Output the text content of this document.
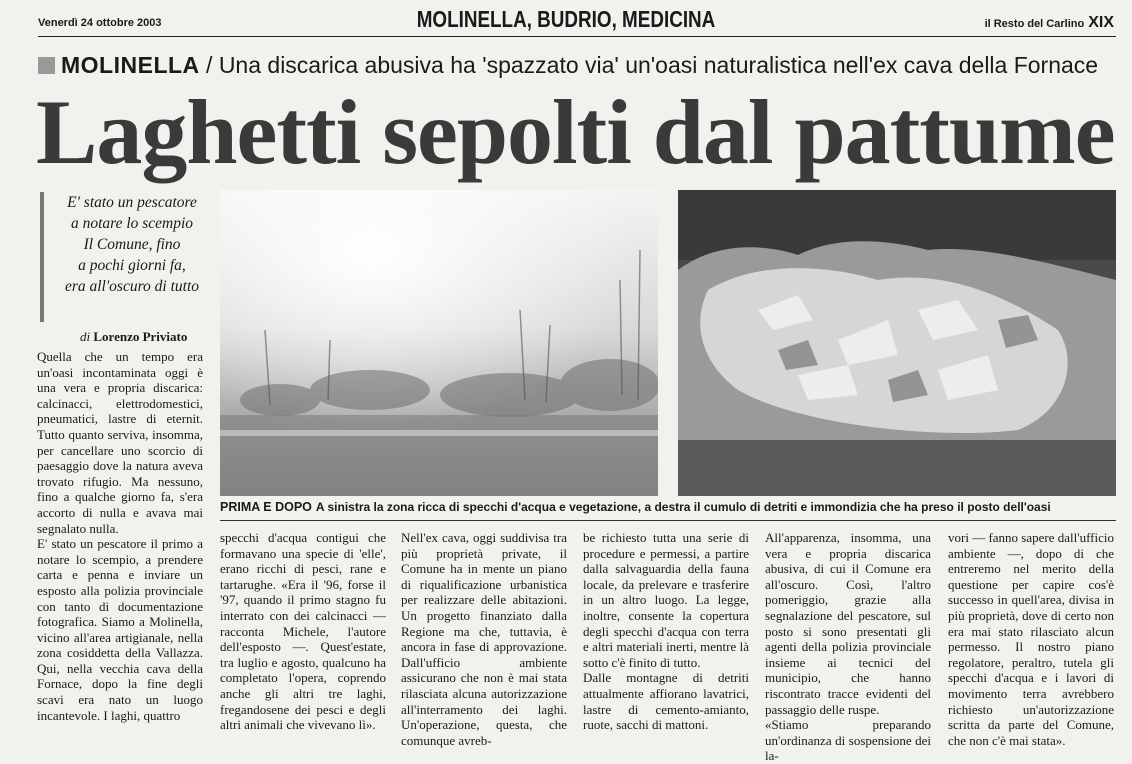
Venerdì 24 ottobre 2003	MOLINELLA, BUDRIO, MEDICINA	il Resto del Carlino XIX
MOLINELLA / Una discarica abusiva ha 'spazzato via' un'oasi naturalistica nell'ex cava della Fornace
Laghetti sepolti dal pattume
E' stato un pescatore
a notare lo scempio
Il Comune, fino
a pochi giorni fa,
era all'oscuro di tutto
di Lorenzo Priviato
PRIMA E DOPO A sinistra la zona ricca di specchi d'acqua e vegetazione, a destra il cumulo di detriti e immondizia che ha preso il posto dell'oasi

Quella che un tempo era un'oasi incontaminata oggi è una vera e propria discarica: calcinacci, elettrodomestici, pneumatici, lastre di eternit. Tutto quanto serviva, insomma, per cancellare uno scorcio di paesaggio dove la natura aveva trovato rifugio. Ma nessuno, fino a qualche giorno fa, s'era accorto di nulla e avava mai segnalato nulla.

E' stato un pescatore il primo a notare lo scempio, a prendere carta e penna e inviare un esposto alla polizia provinciale con tanto di documentazione fotografica. Siamo a Molinella, vicino all'area artigianale, nella zona cosiddetta della Vallazza. Qui, nella vecchia cava della Fornace, dopo la fine degli scavi era nato un luogo incantevole. I laghi, quattro

specchi d'acqua contigui che formavano una specie di 'elle', erano ricchi di pesci, rane e tartarughe. «Era il '96, forse il '97, quando il primo stagno fu interrato con dei calcinacci — racconta Michele, l'autore dell'esposto —. Quest'estate, tra luglio e agosto, qualcuno ha completato l'opera, coprendo anche gli altri tre laghi, fregandosene dei pesci e degli altri animali che vivevano lì».

Nell'ex cava, oggi suddivisa tra più proprietà private, il Comune ha in mente un piano di riqualificazione urbanistica per realizzare delle abitazioni. Un progetto finanziato dalla Regione ma che, tuttavia, è ancora in fase di approvazione. Dall'ufficio ambiente assicurano che non è mai stata rilasciata alcuna autorizzazione all'interramento dei laghi. Un'operazione, questa, che comunque avreb-

be richiesto tutta una serie di procedure e permessi, a partire dalla salvaguardia della fauna locale, da prelevare e trasferire in un altro luogo. La legge, inoltre, consente la copertura degli specchi d'acqua con terra e altri materiali inerti, mentre là sotto c'è finito di tutto.

Dalle montagne di detriti attualmente affiorano lavatrici, lastre di cemento-amianto, ruote, sacchi di mattoni.

All'apparenza, insomma, una vera e propria discarica abusiva, di cui il Comune era all'oscuro. Così, l'altro pomeriggio, grazie alla segnalazione del pescatore, sul posto si sono presentati gli agenti della polizia provinciale insieme ai tecnici del municipio, che hanno riscontrato tracce evidenti del passaggio delle ruspe.

«Stiamo preparando un'ordinanza di sospensione dei la-

vori — fanno sapere dall'ufficio ambiente —, dopo di che entreremo nel merito della questione per capire cos'è successo in quell'area, divisa in più proprietà, dove di certo non era mai stato rilasciato alcun permesso. Il nostro piano regolatore, peraltro, tutela gli specchi d'acqua e i lavori di movimento terra avrebbero richiesto un'autorizzazione scritta da parte del Comune, che non c'è mai stata».
